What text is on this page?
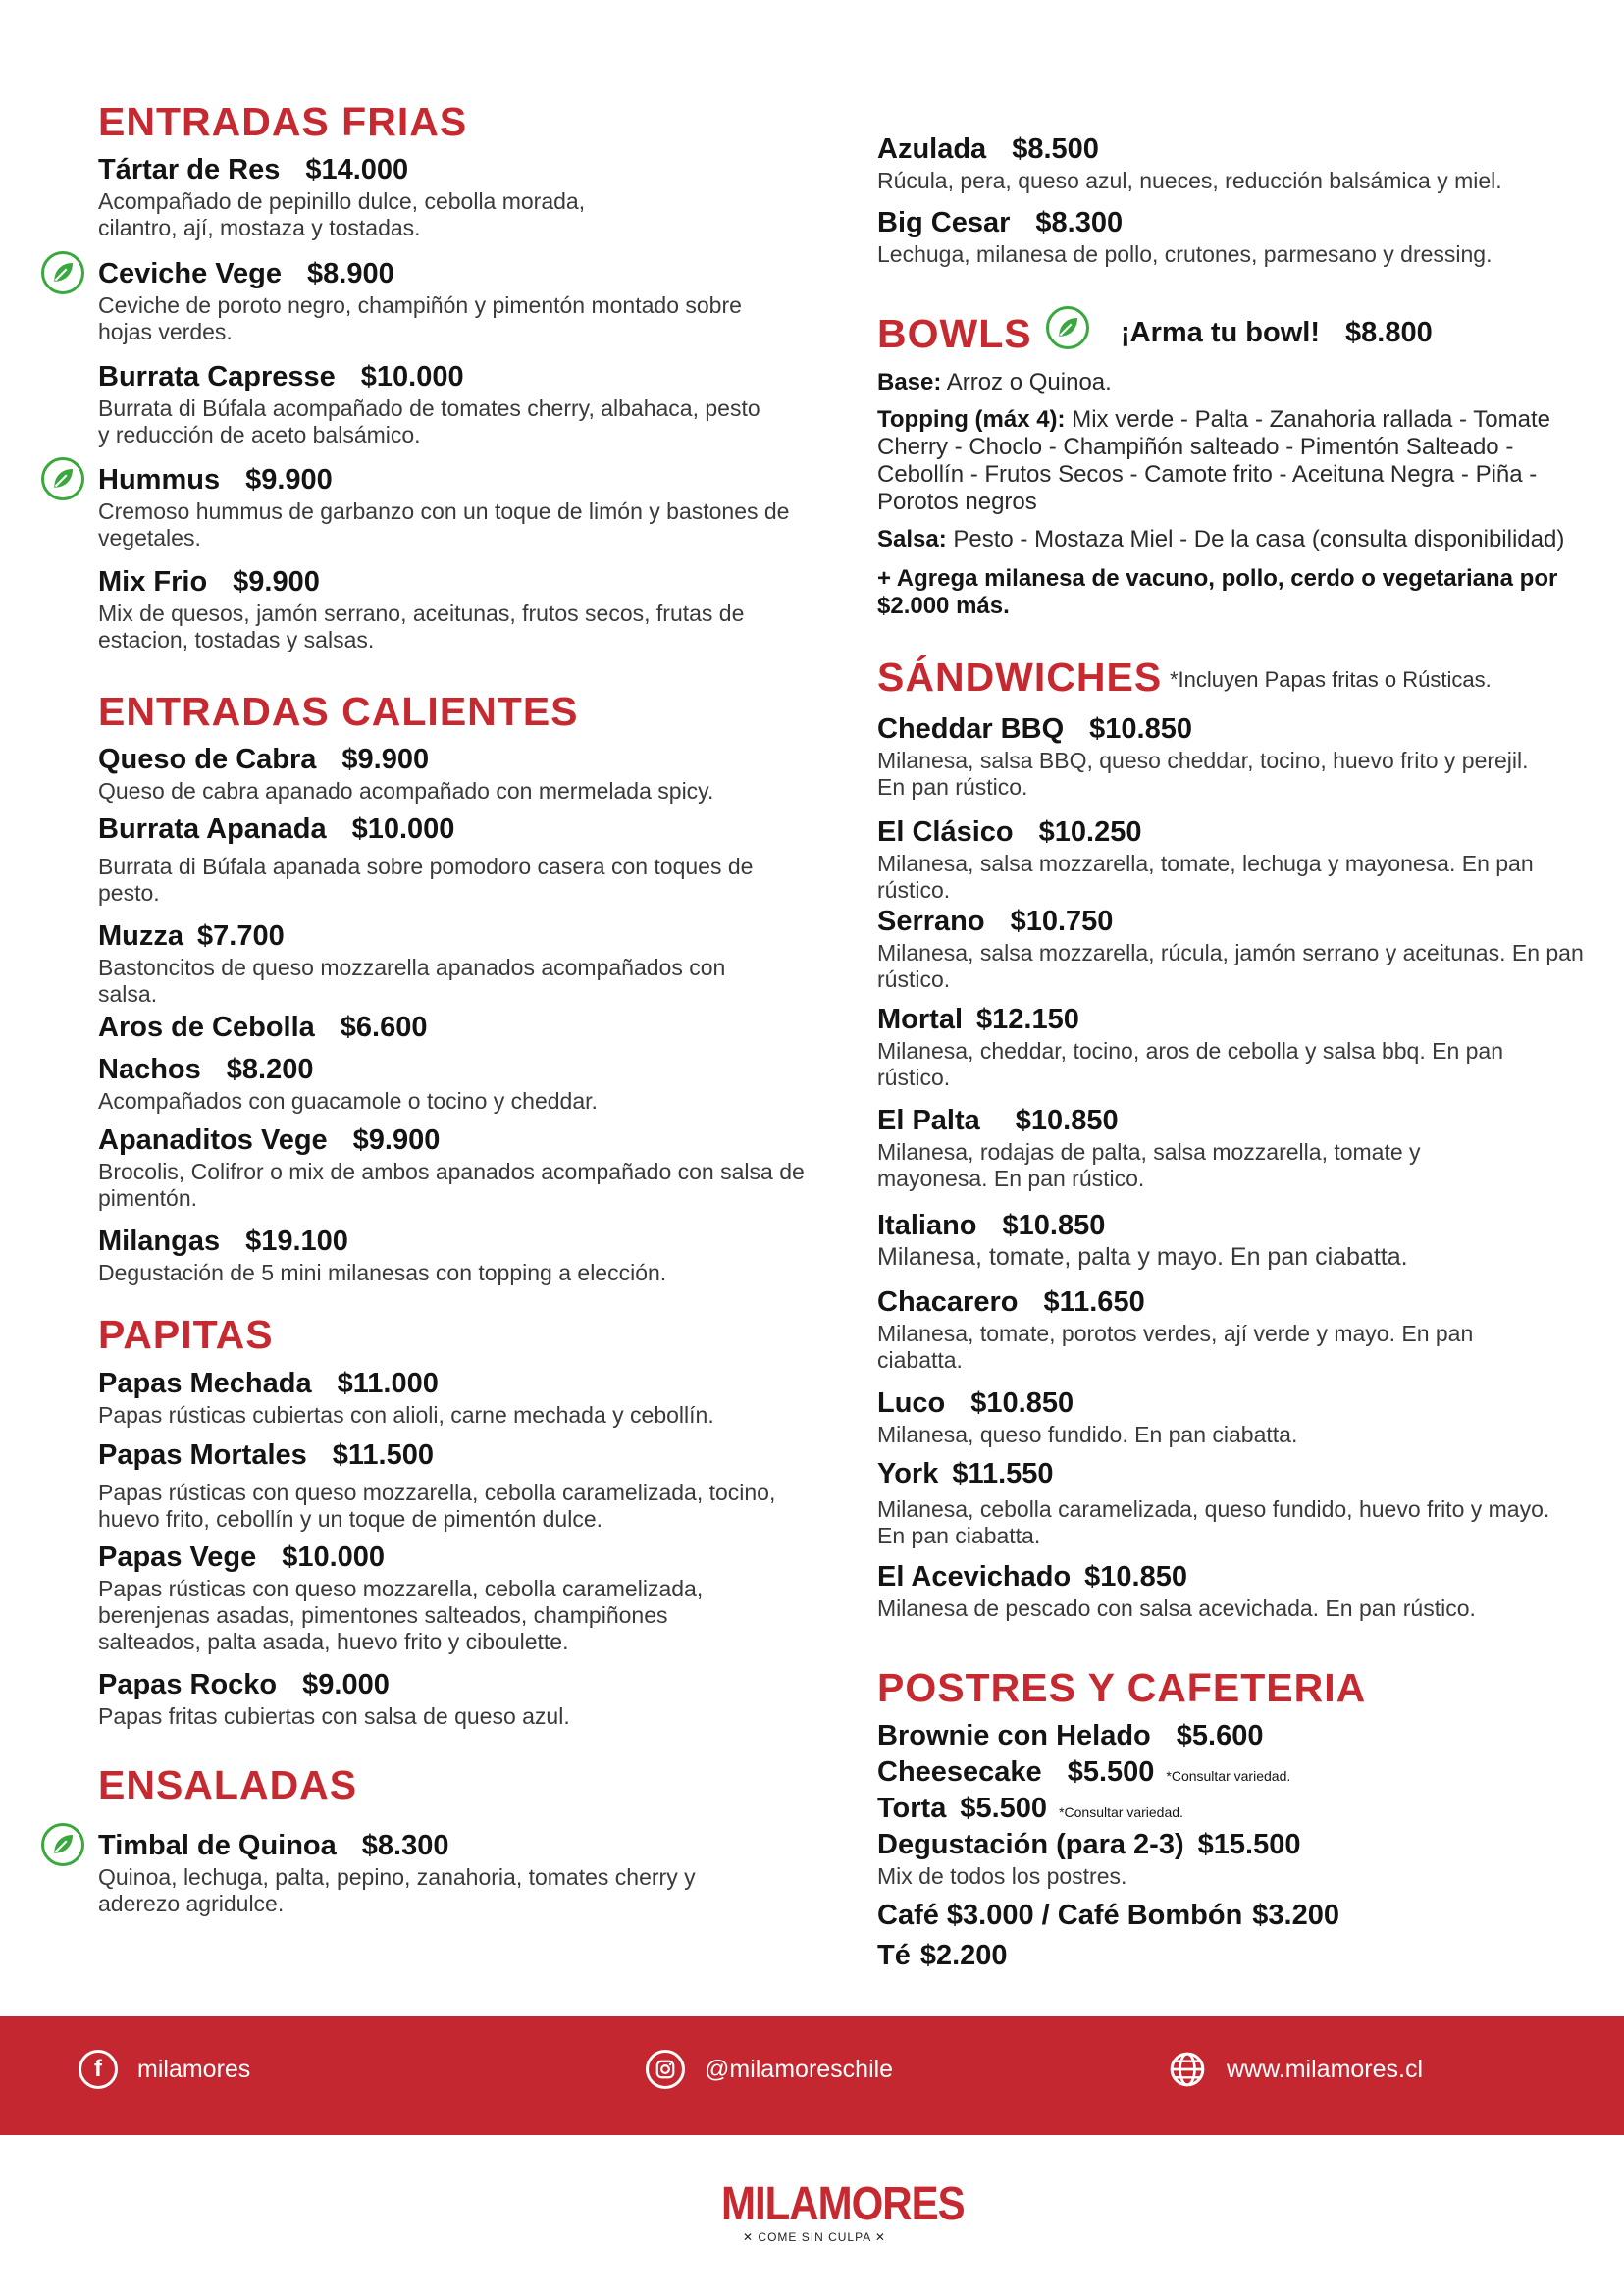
ENTRADAS FRIAS
Tártar de Res $14.000
Acompañado de pepinillo dulce, cebolla morada, cilantro, ají, mostaza y tostadas.
Ceviche Vege $8.900
Ceviche de poroto negro, champiñón y pimentón montado sobre hojas verdes.
Burrata Capresse $10.000
Burrata di Búfala acompañado de tomates cherry, albahaca, pesto y reducción de aceto balsámico.
Hummus $9.900
Cremoso hummus de garbanzo con un toque de limón y bastones de vegetales.
Mix Frio $9.900
Mix de quesos, jamón serrano, aceitunas, frutos secos, frutas de estacion, tostadas y salsas.
ENTRADAS CALIENTES
Queso de Cabra $9.900
Queso de cabra apanado acompañado con mermelada spicy.
Burrata Apanada $10.000
Burrata di Búfala apanada sobre pomodoro casera con toques de pesto.
Muzza $7.700
Bastoncitos de queso mozzarella apanados acompañados con salsa.
Aros de Cebolla $6.600
Nachos $8.200
Acompañados con guacamole o tocino y cheddar.
Apanaditos Vege $9.900
Brocolis, Colifror o mix de ambos apanados acompañado con salsa de pimentón.
Milangas $19.100
Degustación de 5 mini milanesas con topping a elección.
PAPITAS
Papas Mechada $11.000
Papas rústicas cubiertas con alioli, carne mechada y cebollín.
Papas Mortales $11.500
Papas rústicas con queso mozzarella, cebolla caramelizada, tocino, huevo frito, cebollín y un toque de pimentón dulce.
Papas Vege $10.000
Papas rústicas con queso mozzarella, cebolla caramelizada, berenjenas asadas, pimentones salteados, champiñones salteados, palta asada, huevo frito y ciboulette.
Papas Rocko $9.000
Papas fritas cubiertas con salsa de queso azul.
ENSALADAS
Timbal de Quinoa $8.300
Quinoa, lechuga, palta, pepino, zanahoria, tomates cherry y aderezo agridulce.
Azulada $8.500
Rúcula, pera, queso azul, nueces, reducción balsámica y miel.
Big Cesar $8.300
Lechuga, milanesa de pollo, crutones, parmesano y dressing.
BOWLS	¡Arma tu bowl! $8.800
Base: Arroz o Quinoa.
Topping (máx 4): Mix verde - Palta - Zanahoria rallada - Tomate Cherry - Choclo - Champiñón salteado - Pimentón Salteado - Cebollín - Frutos Secos - Camote frito - Aceituna Negra - Piña - Porotos negros
Salsa: Pesto - Mostaza Miel - De la casa (consulta disponibilidad)
+ Agrega milanesa de vacuno, pollo, cerdo o vegetariana por $2.000 más.
SÁNDWICHES *Incluyen Papas fritas o Rústicas.
Cheddar BBQ $10.850
Milanesa, salsa BBQ, queso cheddar, tocino, huevo frito y perejil. En pan rústico.
El Clásico $10.250
Milanesa, salsa mozzarella, tomate, lechuga y mayonesa. En pan rústico.
Serrano $10.750
Milanesa, salsa mozzarella, rúcula, jamón serrano y aceitunas. En pan rústico.
Mortal $12.150
Milanesa, cheddar, tocino, aros de cebolla y salsa bbq. En pan rústico.
El Palta $10.850
Milanesa, rodajas de palta, salsa mozzarella, tomate y mayonesa. En pan rústico.
Italiano $10.850
Milanesa, tomate, palta y mayo. En pan ciabatta.
Chacarero $11.650
Milanesa, tomate, porotos verdes, ají verde y mayo. En pan ciabatta.
Luco $10.850
Milanesa, queso fundido. En pan ciabatta.
York $11.550
Milanesa, cebolla caramelizada, queso fundido, huevo frito y mayo. En pan ciabatta.
El Acevichado $10.850
Milanesa de pescado con salsa acevichada. En pan rústico.
POSTRES Y CAFETERIA
Brownie con Helado $5.600
Cheesecake $5.500 *Consultar variedad.
Torta $5.500 *Consultar variedad.
Degustación (para 2-3) $15.500
Mix de todos los postres.
Café $3.000 / Café Bombón $3.200
Té $2.200
f	milamores	@milamoreschile	www.milamores.cl
MILAMORES
✕ COME SIN CULPA ✕
